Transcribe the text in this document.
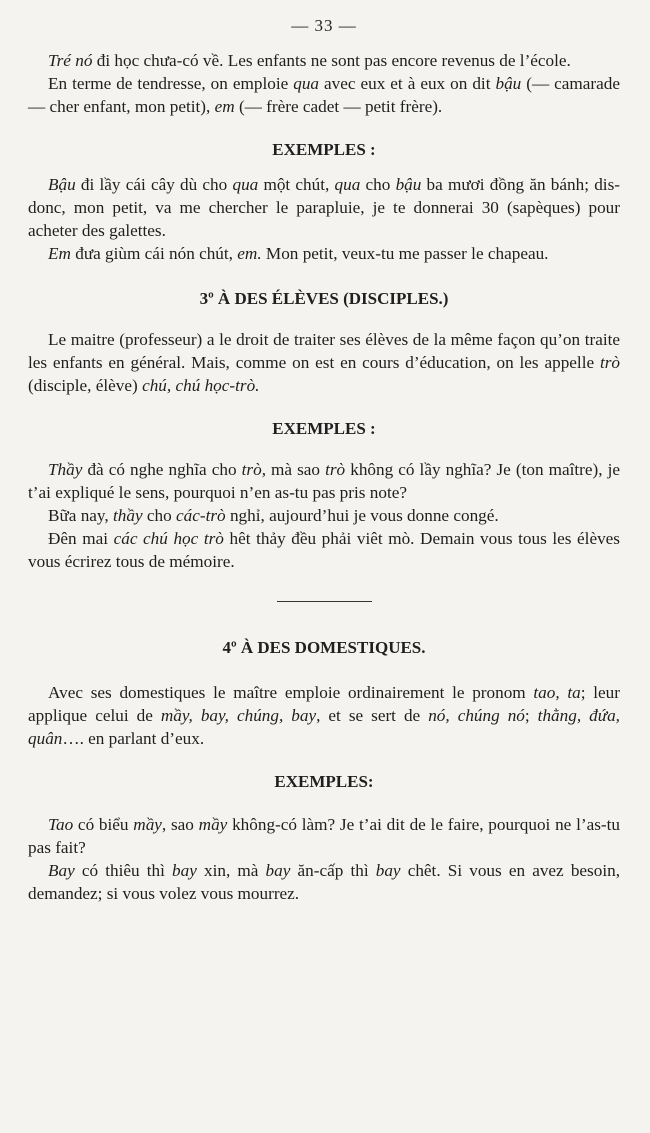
— 33 —

Tré nó đi học chưa-có về. Les enfants ne sont pas encore revenus de l’école.

En terme de tendresse, on emploie qua avec eux et à eux on dit bậu (— camarade — cher enfant, mon petit), em (— frère cadet — petit frère).

EXEMPLES :

Bậu đi lầy cái cây dù cho qua một chút, qua cho bậu ba mươi đồng ăn bánh; dis-donc, mon petit, va me chercher le parapluie, je te donnerai 30 (sapèques) pour acheter des galettes.

Em đưa giùm cái nón chút, em. Mon petit, veux-tu me passer le chapeau.

3º À DES ÉLÈVES (DISCIPLES.)

Le maitre (professeur) a le droit de traiter ses élèves de la même façon qu’on traite les enfants en général. Mais, comme on est en cours d’éducation, on les appelle trò (disciple, élève) chú, chú học-trò.

EXEMPLES :

Thầy đà có nghe nghĩa cho trò, mà sao trò không có lầy nghĩa? Je (ton maître), je t’ai expliqué le sens, pourquoi n’en as-tu pas pris note?

Bữa nay, thầy cho các-trò nghỉ, aujourd’hui je vous donne congé.

Đên mai các chú học trò hêt thảy đều phải viêt mò. Demain vous tous les élèves vous écrirez tous de mémoire.

4º À DES DOMESTIQUES.

Avec ses domestiques le maître emploie ordinairement le pronom tao, ta; leur applique celui de mầy, bay, chúng, bay, et se sert de nó, chúng nó; thằng, đứa, quân…. en parlant d’eux.

EXEMPLES:

Tao có biểu mầy, sao mầy không-có làm? Je t’ai dit de le faire, pourquoi ne l’as-tu pas fait?

Bay có thiêu thì bay xin, mà bay ăn-cấp thì bay chêt. Si vous en avez besoin, demandez; si vous volez vous mourrez.
